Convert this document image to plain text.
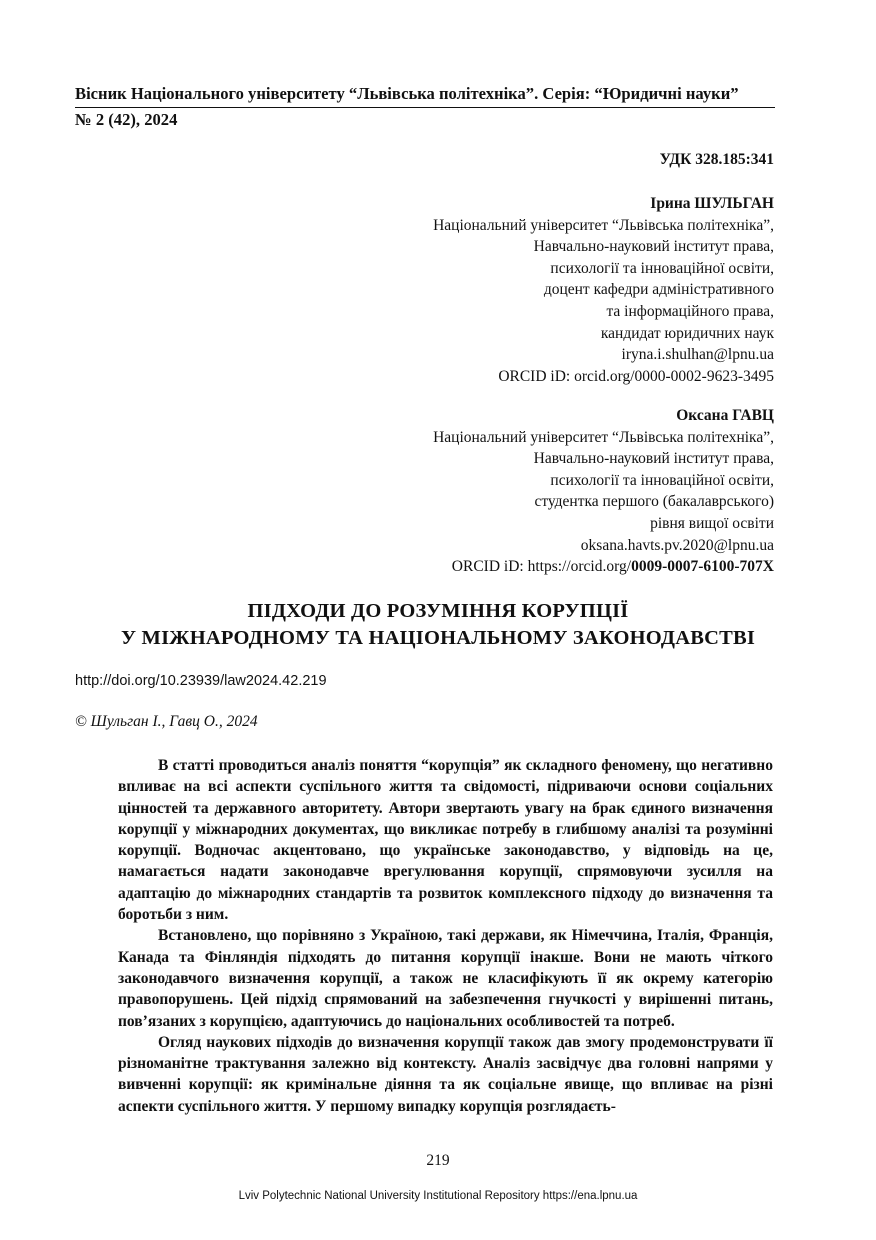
Вісник Національного університету “Львівська політехніка”. Серія: “Юридичні науки”
№ 2 (42), 2024
УДК 328.185:341
Ірина ШУЛЬГАН
Національний університет “Львівська політехніка”,
Навчально-науковий інститут права,
психології та інноваційної освіти,
доцент кафедри адміністративного
та інформаційного права,
кандидат юридичних наук
iryna.i.shulhan@lpnu.ua
ORCID iD: orcid.org/0000-0002-9623-3495
Оксана ГАВЦ
Національний університет “Львівська політехніка”,
Навчально-науковий інститут права,
психології та інноваційної освіти,
студентка першого (бакалаврського)
рівня вищої освіти
oksana.havts.pv.2020@lpnu.ua
ORCID iD: https://orcid.org/0009-0007-6100-707X
ПІДХОДИ ДО РОЗУМІННЯ КОРУПЦІЇ
У МІЖНАРОДНОМУ ТА НАЦІОНАЛЬНОМУ ЗАКОНОДАВСТВІ
http://doi.org/10.23939/law2024.42.219
© Шульган І., Гавц О., 2024

В статті проводиться аналіз поняття “корупція” як складного феномену, що негативно впливає на всі аспекти суспільного життя та свідомості, підриваючи основи соціальних цінностей та державного авторитету. Автори звертають увагу на брак єдиного визначення корупції у міжнародних документах, що викликає потребу в глибшому аналізі та розумінні корупції. Водночас акцентовано, що українське законодавство, у відповідь на це, намагається надати законодавче врегулювання корупції, спрямовуючи зусилля на адаптацію до міжнародних стандартів та розвиток комплексного підходу до визначення та боротьби з ним.

Встановлено, що порівняно з Україною, такі держави, як Німеччина, Італія, Франція, Канада та Фінляндія підходять до питання корупції інакше. Вони не мають чіткого законодавчого визначення корупції, а також не класифікують її як окрему категорію правопорушень. Цей підхід спрямований на забезпечення гнучкості у вирішенні питань, пов’язаних з корупцією, адаптуючись до національних особливостей та потреб.

Огляд наукових підходів до визначення корупції також дав змогу продемонструвати її різноманітне трактування залежно від контексту. Аналіз засвідчує два головні напрями у вивченні корупції: як кримінальне діяння та як соціальне явище, що впливає на різні аспекти суспільного життя. У першому випадку корупція розглядаєть-

219
Lviv Polytechnic National University Institutional Repository https://ena.lpnu.ua
